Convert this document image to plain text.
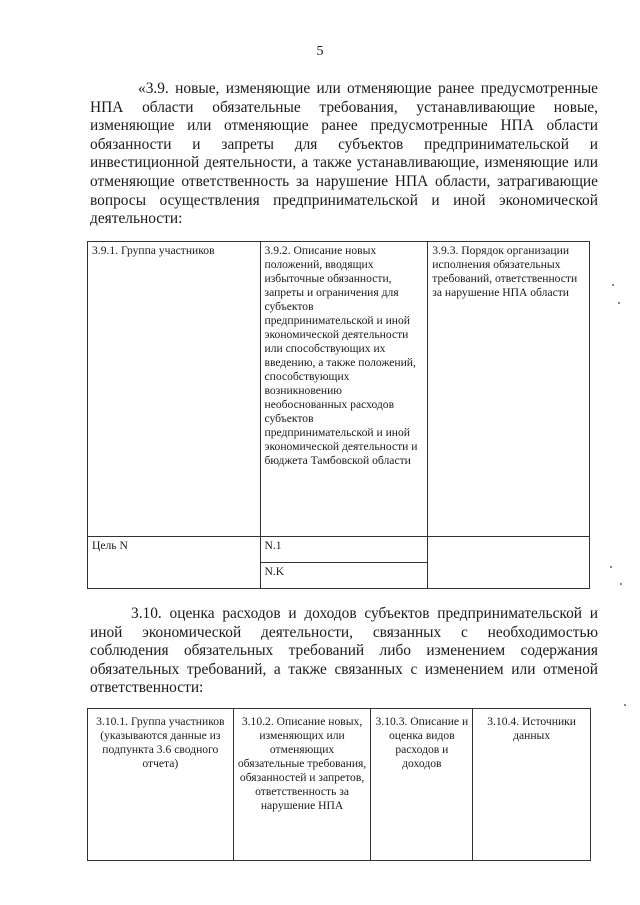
5
«3.9. новые, изменяющие или отменяющие ранее предусмотренные НПА области обязательные требования, устанавливающие новые, изменяющие или отменяющие ранее предусмотренные НПА области обязанности и запреты для субъектов предпринимательской и инвестиционной деятельности, а также устанавливающие, изменяющие или отменяющие ответственность за нарушение НПА области, затрагивающие вопросы осуществления предпринимательской и иной экономической деятельности:
3.9.1. Группа участников	3.9.2. Описание новых положений, вводящих избыточные обязанности, запреты и ограничения для субъектов предпринимательской и иной экономической деятельности или способствующих их введению, а также положений, способствующих возникновению необоснованных расходов субъектов предпринимательской и иной экономической деятельности и бюджета Тамбовской области	3.9.3. Порядок организации исполнения обязательных требований, ответственности за нарушение НПА области
Цель N	N.1	
	N.K	
3.10. оценка расходов и доходов субъектов предпринимательской и иной экономической деятельности, связанных с необходимостью соблюдения обязательных требований либо изменением содержания обязательных требований, а также связанных с изменением или отменой ответственности:
3.10.1. Группа участников (указываются данные из подпункта 3.6 сводного отчета)	3.10.2. Описание новых, изменяющих или отменяющих обязательные требования, обязанностей и запретов, ответственность за нарушение НПА	3.10.3. Описание и оценка видов расходов и доходов	3.10.4. Источники данных
